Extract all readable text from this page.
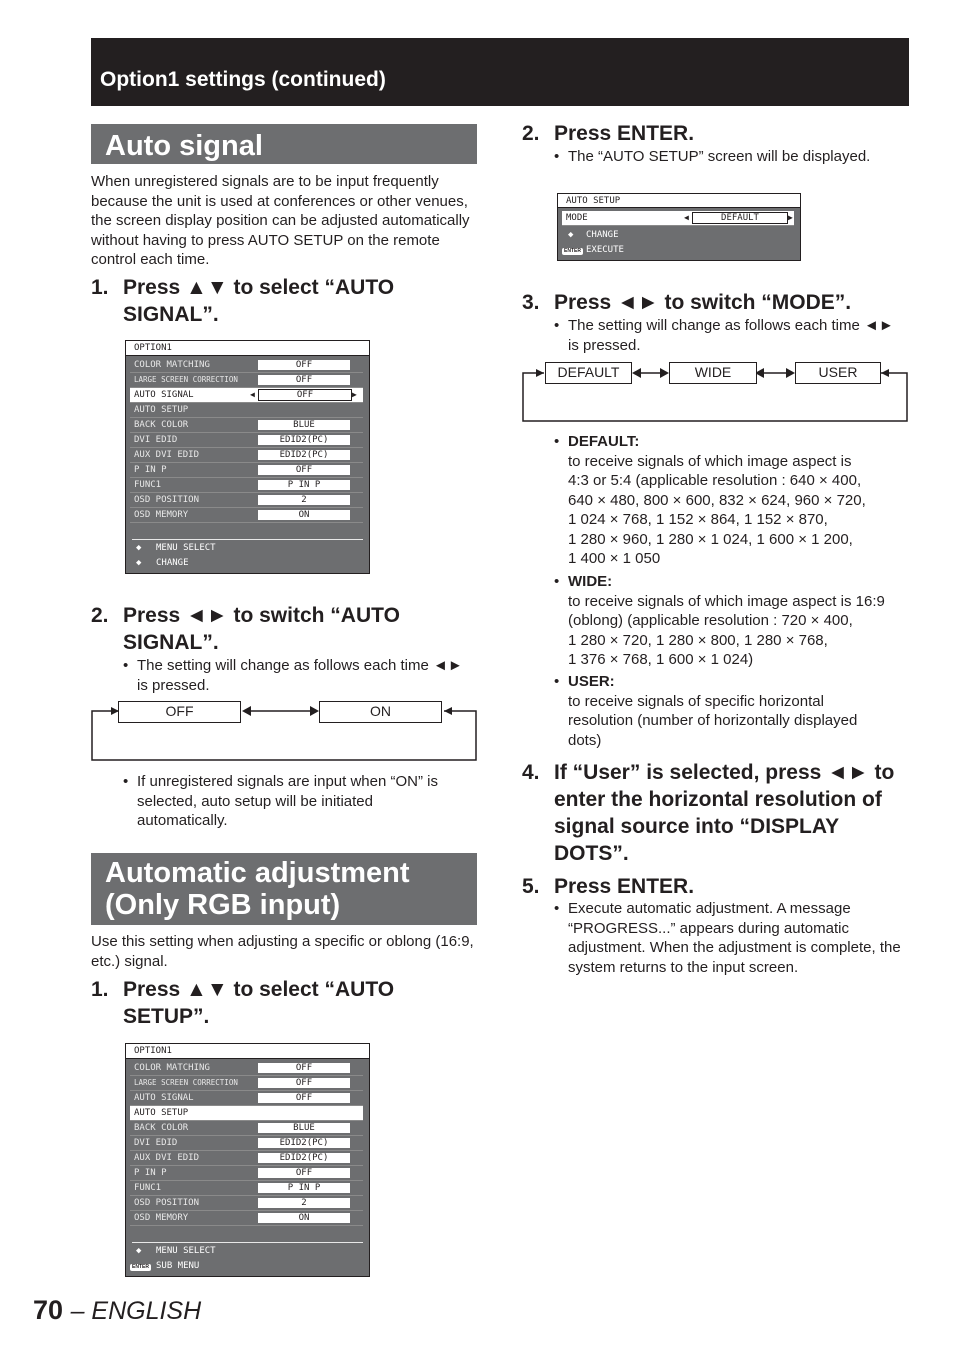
Option1 settings (continued)
Auto signal
When unregistered signals are to be input frequently because the unit is used at conferences or other venues, the screen display position can be adjusted automatically without having to press AUTO SETUP on the remote control each time.
1. Press ▲▼ to select “AUTO SIGNAL”.
OPTION1
COLOR MATCHING	OFF
LARGE SCREEN CORRECTION	OFF
AUTO SIGNAL	◀	OFF	▶
AUTO SETUP
BACK COLOR	BLUE
DVI EDID	EDID2(PC)
AUX DVI EDID	EDID2(PC)
P IN P	OFF
FUNC1	P IN P
OSD POSITION	2
OSD MEMORY	ON
◆ MENU SELECT
◆ CHANGE
2. Press ◄► to switch “AUTO SIGNAL”.
• The setting will change as follows each time ◄► is pressed.
OFF	ON
• If unregistered signals are input when “ON” is selected, auto setup will be initiated automatically.
Automatic adjustment
(Only RGB input)
Use this setting when adjusting a specific or oblong (16:9, etc.) signal.
1. Press ▲▼ to select “AUTO SETUP”.
OPTION1
COLOR MATCHING	OFF
LARGE SCREEN CORRECTION	OFF
AUTO SIGNAL	OFF
AUTO SETUP
BACK COLOR	BLUE
DVI EDID	EDID2(PC)
AUX DVI EDID	EDID2(PC)
P IN P	OFF
FUNC1	P IN P
OSD POSITION	2
OSD MEMORY	ON
◆ MENU SELECT
ENTER SUB MENU
70 – ENGLISH
2. Press ENTER.
• The “AUTO SETUP” screen will be displayed.
AUTO SETUP
MODE	◀	DEFAULT	▶
◆ CHANGE
ENTER EXECUTE
3. Press ◄► to switch “MODE”.
• The setting will change as follows each time ◄► is pressed.
DEFAULT	WIDE	USER
• DEFAULT:
to receive signals of which image aspect is
4:3 or 5:4 (applicable resolution : 640 × 400,
640 × 480, 800 × 600, 832 × 624, 960 × 720,
1 024 × 768, 1 152 × 864, 1 152 × 870,
1 280 × 960, 1 280 × 1 024, 1 600 × 1 200,
1 400 × 1 050
• WIDE:
to receive signals of which image aspect is 16:9
(oblong) (applicable resolution : 720 × 400,
1 280 × 720, 1 280 × 800, 1 280 × 768,
1 376 × 768, 1 600 × 1 024)
• USER:
to receive signals of specific horizontal
resolution (number of horizontally displayed
dots)
4. If “User” is selected, press ◄► to enter the horizontal resolution of signal source into “DISPLAY DOTS”.
5. Press ENTER.
• Execute automatic adjustment. A message “PROGRESS...” appears during automatic adjustment. When the adjustment is complete, the system returns to the input screen.
